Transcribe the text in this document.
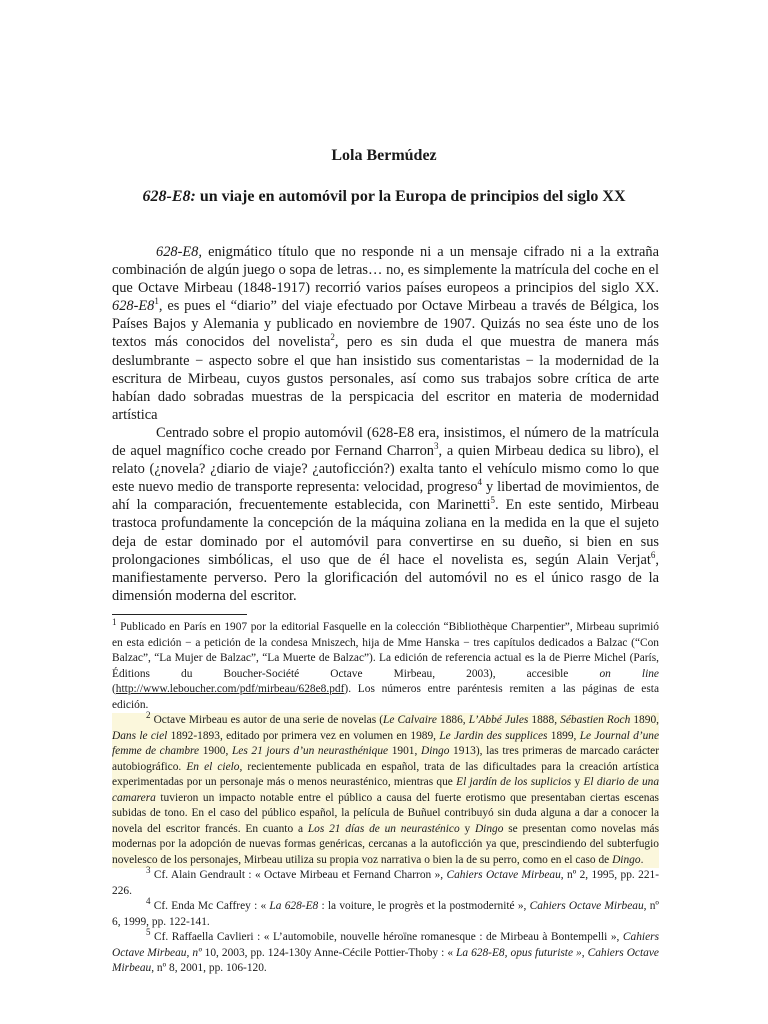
Lola Bermúdez
628-E8: un viaje en automóvil por la Europa de principios del siglo XX

628-E8, enigmático título que no responde ni a un mensaje cifrado ni a la extraña combinación de algún juego o sopa de letras… no, es simplemente la matrícula del coche en el que Octave Mirbeau (1848-1917) recorrió varios países europeos a principios del siglo XX. $628-E8^1$, es pues el “diario” del viaje efectuado por Octave Mirbeau a través de Bélgica, los Países Bajos y Alemania y publicado en noviembre de 1907. Quizás no sea éste uno de los textos más conocidos del novelista$^2$, pero es sin duda el que muestra de manera más deslumbrante − aspecto sobre el que han insistido sus comentaristas − la modernidad de la escritura de Mirbeau, cuyos gustos personales, así como sus trabajos sobre crítica de arte habían dado sobradas muestras de la perspicacia del escritor en materia de modernidad artística

Centrado sobre el propio automóvil (628-E8 era, insistimos, el número de la matrícula de aquel magnífico coche creado por Fernand Charron$^3$, a quien Mirbeau dedica su libro), el relato (¿novela? ¿diario de viaje? ¿autoficción?) exalta tanto el vehículo mismo como lo que este nuevo medio de transporte representa: velocidad, progreso$^4$ y libertad de movimientos, de ahí la comparación, frecuentemente establecida, con Marinetti$^5$. En este sentido, Mirbeau trastoca profundamente la concepción de la máquina zoliana en la medida en la que el sujeto deja de estar dominado por el automóvil para convertirse en su dueño, si bien en sus prolongaciones simbólicas, el uso que de él hace el novelista es, según Alain Verjat$^6$, manifiestamente perverso. Pero la glorificación del automóvil no es el único rasgo de la dimensión moderna del escritor.

$^1$ Publicado en París en 1907 por la editorial Fasquelle en la colección “Bibliothèque Charpentier”, Mirbeau suprimió en esta edición − a petición de la condesa Mniszech, hija de Mme Hanska − tres capítulos dedicados a Balzac (“Con Balzac”, “La Mujer de Balzac”, “La Muerte de Balzac”). La edición de referencia actual es la de Pierre Michel (París, Éditions du Boucher-Société Octave Mirbeau, 2003), accesible on line (http://www.leboucher.com/pdf/mirbeau/628e8.pdf). Los números entre paréntesis remiten a las páginas de esta edición.

$^2$ Octave Mirbeau es autor de una serie de novelas (Le Calvaire 1886, L’Abbé Jules 1888, Sébastien Roch 1890, Dans le ciel 1892-1893, editado por primera vez en volumen en 1989, Le Jardin des supplices 1899, Le Journal d’une femme de chambre 1900, Les 21 jours d’un neurasthénique 1901, Dingo 1913), las tres primeras de marcado carácter autobiográfico. En el cielo, recientemente publicada en español, trata de las dificultades para la creación artística experimentadas por un personaje más o menos neurasténico, mientras que El jardín de los suplicios y El diario de una camarera tuvieron un impacto notable entre el público a causa del fuerte erotismo que presentaban ciertas escenas subidas de tono. En el caso del público español, la película de Buñuel contribuyó sin duda alguna a dar a conocer la novela del escritor francés. En cuanto a Los 21 días de un neurasténico y Dingo se presentan como novelas más modernas por la adopción de nuevas formas genéricas, cercanas a la autoficción ya que, prescindiendo del subterfugio novelesco de los personajes, Mirbeau utiliza su propia voz narrativa o bien la de su perro, como en el caso de Dingo.

$^3$ Cf. Alain Gendrault : « Octave Mirbeau et Fernand Charron », Cahiers Octave Mirbeau, nº 2, 1995, pp. 221-226.

$^4$ Cf. Enda Mc Caffrey : « La 628-E8 : la voiture, le progrès et la postmodernité », Cahiers Octave Mirbeau, nº 6, 1999, pp. 122-141.

$^5$ Cf. Raffaella Cavlieri : « L’automobile, nouvelle héroïne romanesque : de Mirbeau à Bontempelli », Cahiers Octave Mirbeau, nº 10, 2003, pp. 124-130y Anne-Cécile Pottier-Thoby : « La 628-E8, opus futuriste », Cahiers Octave Mirbeau, nº 8, 2001, pp. 106-120.
